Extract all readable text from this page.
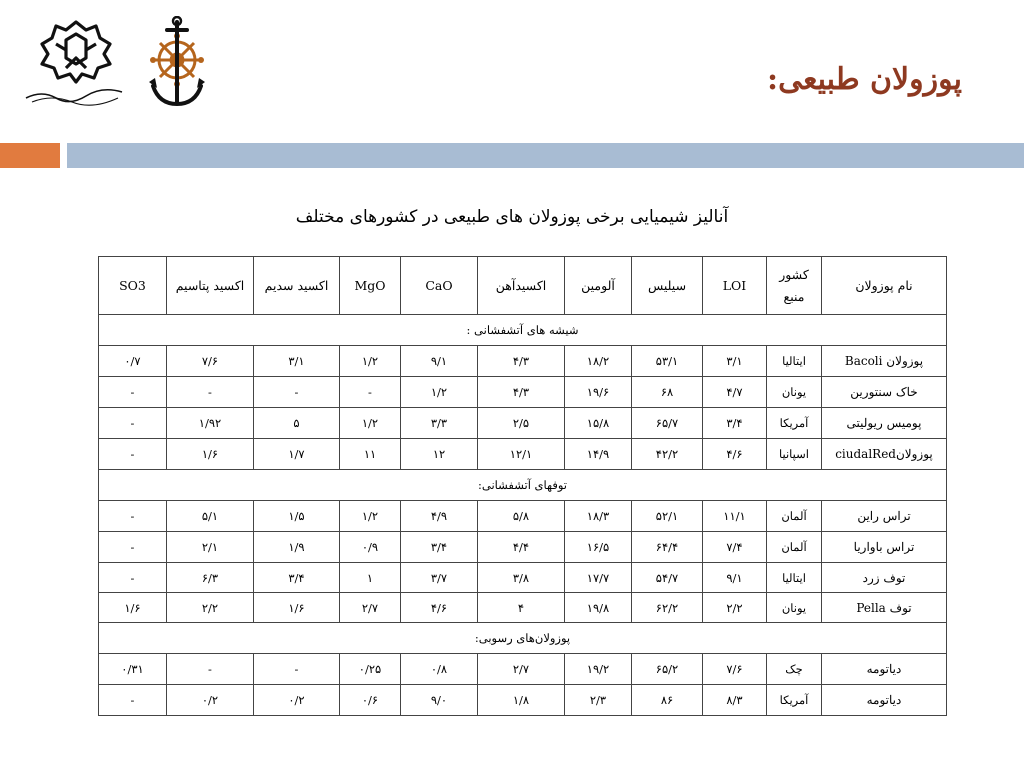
پوزولان طبیعی:
آنالیز شیمیایی برخی پوزولان های طبیعی در کشورهای مختلف
SO3	اکسید پتاسیم	اکسید سدیم	MgO	CaO	اکسیدآهن	آلومین	سیلیس	LOI	کشور منبع	نام پوزولان
شیشه های آتشفشانی :										
۰/۷	۷/۶	۳/۱	۱/۲	۹/۱	۴/۳	۱۸/۲	۵۳/۱	۳/۱	ایتالیا	پوزولان Bacoli
-	-	-	-	۱/۲	۴/۳	۱۹/۶	۶۸	۴/۷	یونان	خاک سنتورین
-	۱/۹۲	۵	۱/۲	۳/۳	۲/۵	۱۵/۸	۶۵/۷	۳/۴	آمریکا	پومیس ریولیتی
-	۱/۶	۱/۷	۱۱	۱۲	۱۲/۱	۱۴/۹	۴۲/۲	۴/۶	اسپانیا	پوزولانciudalRed
توفهای آتشفشانی:										
-	۵/۱	۱/۵	۱/۲	۴/۹	۵/۸	۱۸/۳	۵۲/۱	۱۱/۱	آلمان	تراس راین
-	۲/۱	۱/۹	۰/۹	۳/۴	۴/۴	۱۶/۵	۶۴/۴	۷/۴	آلمان	تراس باواریا
-	۶/۳	۳/۴	۱	۳/۷	۳/۸	۱۷/۷	۵۴/۷	۹/۱	ایتالیا	توف زرد
۱/۶	۲/۲	۱/۶	۲/۷	۴/۶	۴	۱۹/۸	۶۲/۲	۲/۲	یونان	توف Pella
پوزولان‌های رسوبی:										
۰/۳۱	-	-	۰/۲۵	۰/۸	۲/۷	۱۹/۲	۶۵/۲	۷/۶	چک	دیاتومه
-	۰/۲	۰/۲	۰/۶	۹/۰	۱/۸	۲/۳	۸۶	۸/۳	آمریکا	دیاتومه
